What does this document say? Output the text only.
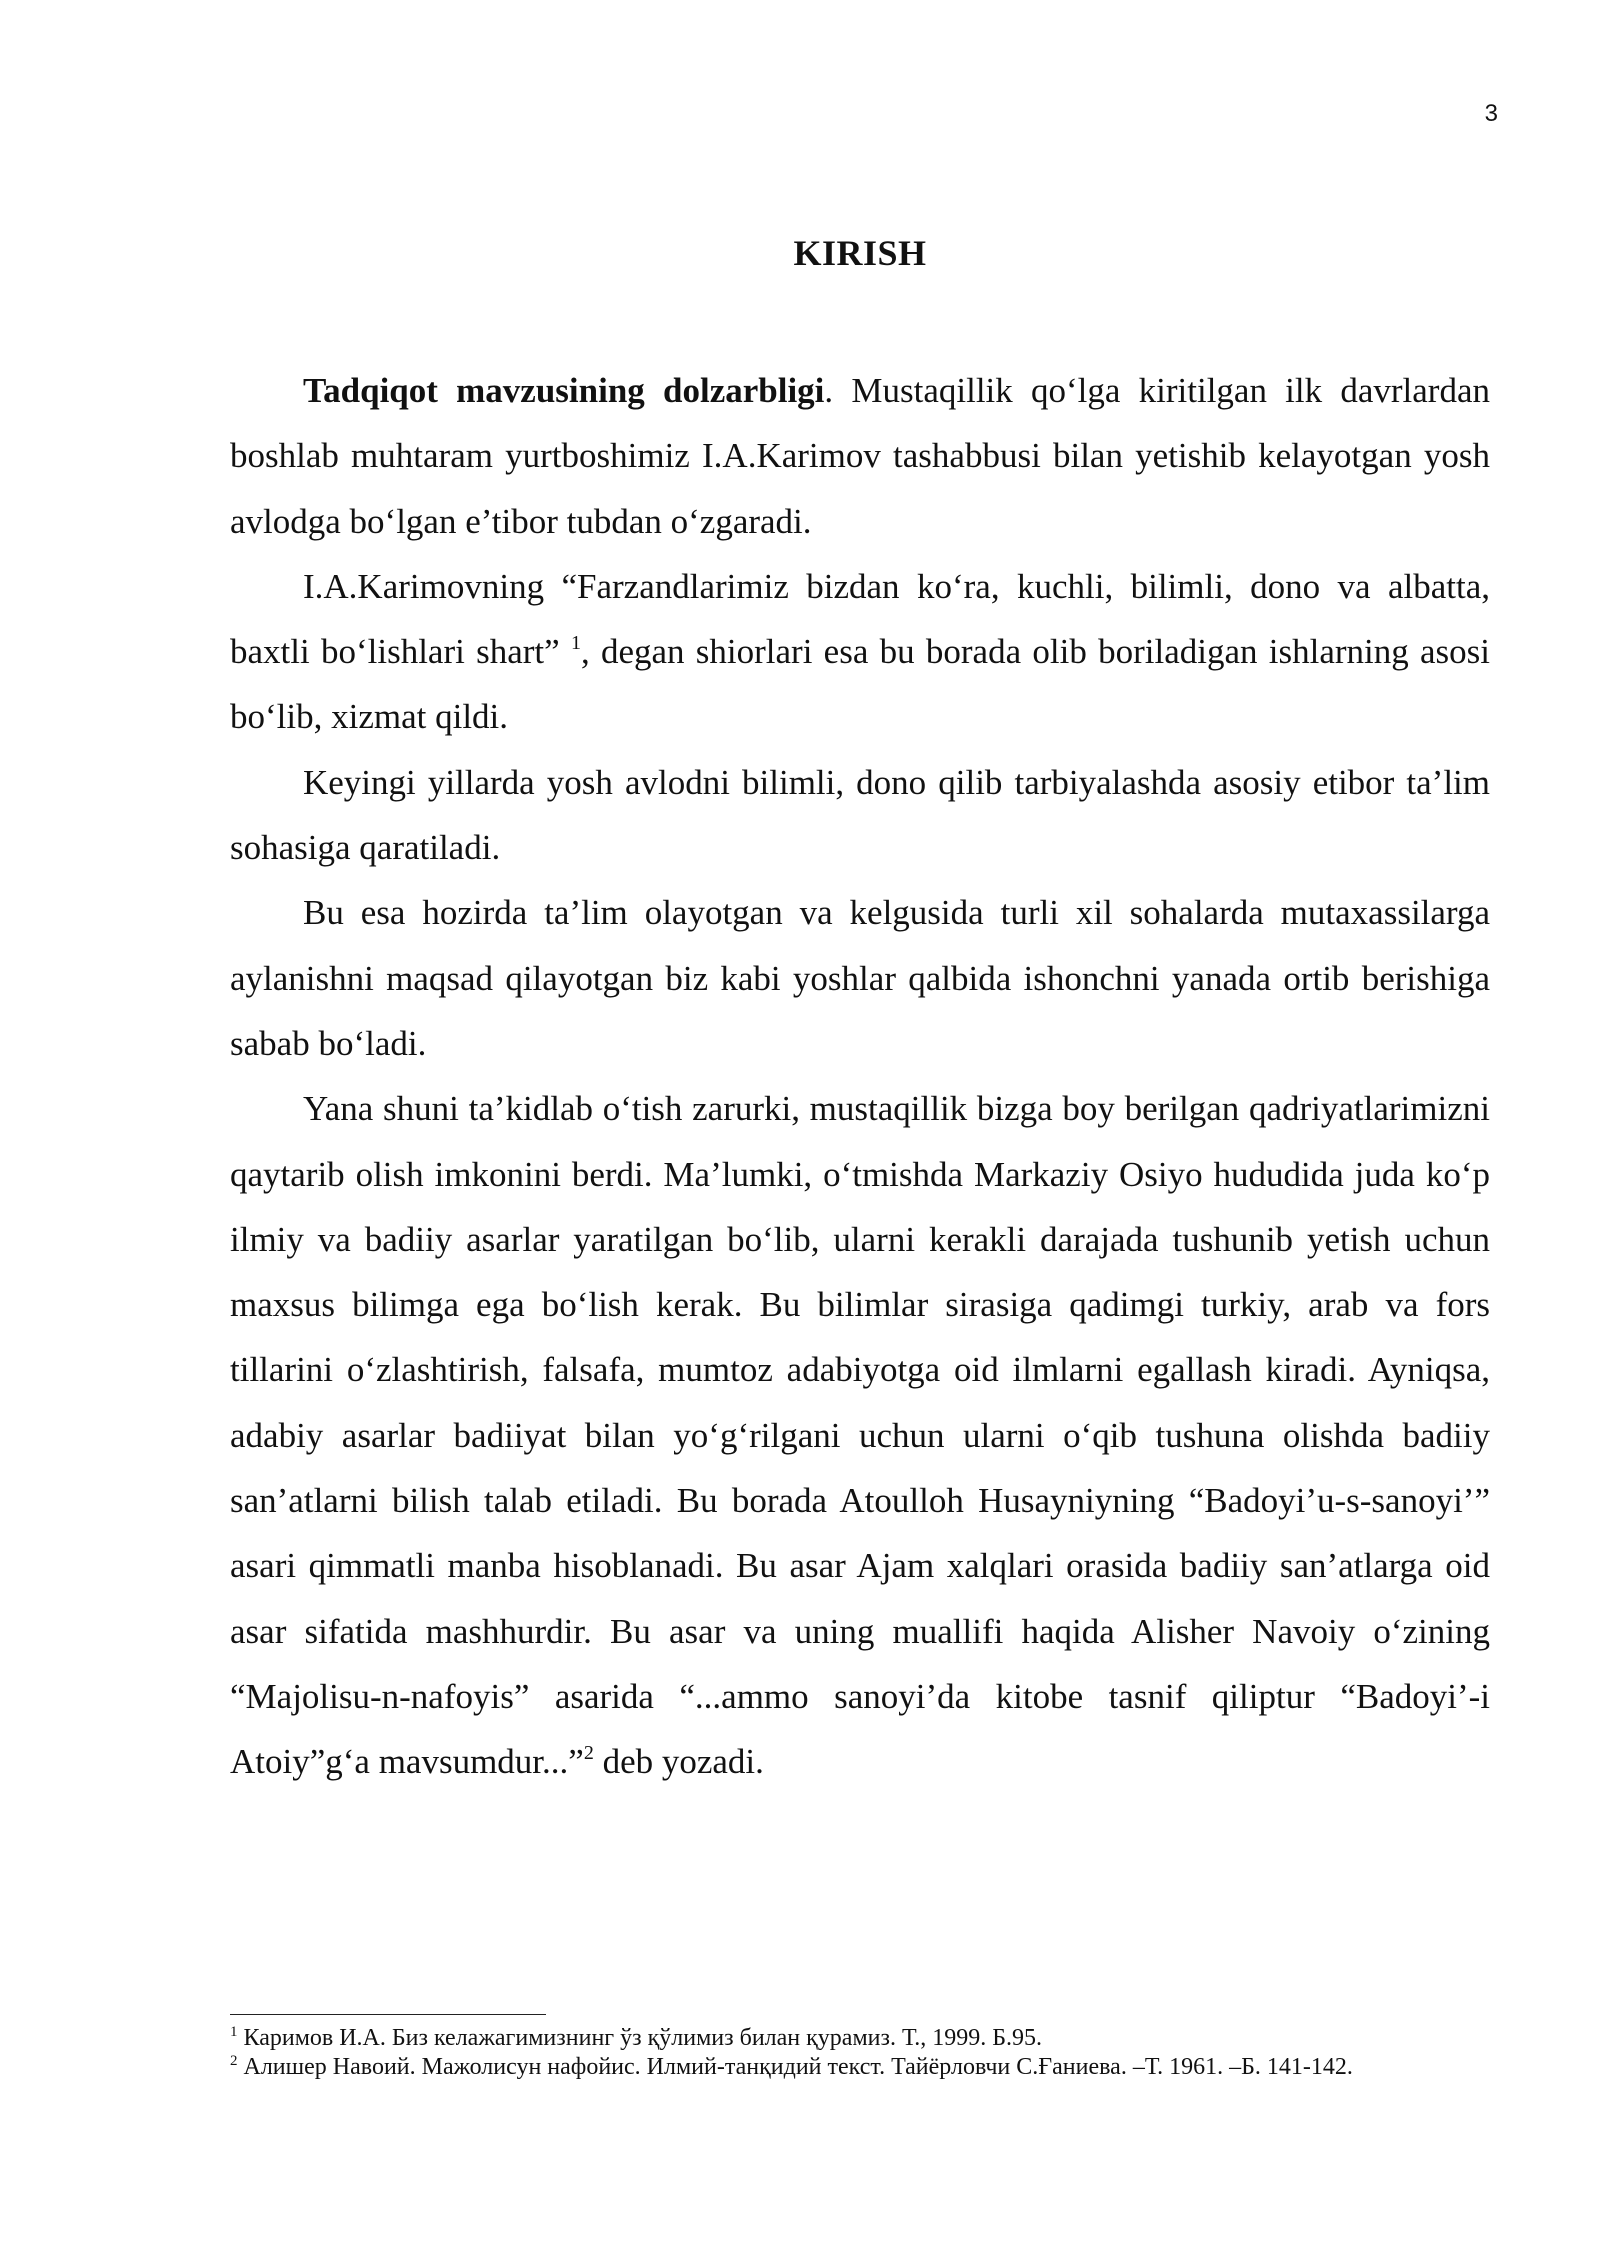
3
KIRISH

Tadqiqot mavzusining dolzarbligi. Mustaqillik qo‘lga kiritilgan ilk davrlardan boshlab muhtaram yurtboshimiz I.A.Karimov tashabbusi bilan yetishib kelayotgan yosh avlodga bo‘lgan e’tibor tubdan o‘zgaradi.

I.A.Karimovning “Farzandlarimiz bizdan ko‘ra, kuchli, bilimli, dono va albatta, baxtli bo‘lishlari shart” $^1$, degan shiorlari esa bu borada olib boriladigan ishlarning asosi bo‘lib, xizmat qildi.

Keyingi yillarda yosh avlodni bilimli, dono qilib tarbiyalashda asosiy etibor ta’lim sohasiga qaratiladi.

Bu esa hozirda ta’lim olayotgan va kelgusida turli xil sohalarda mutaxassilarga aylanishni maqsad qilayotgan biz kabi yoshlar qalbida ishonchni yanada ortib berishiga sabab bo‘ladi.

Yana shuni ta’kidlab o‘tish zarurki, mustaqillik bizga boy berilgan qadriyatlarimizni qaytarib olish imkonini berdi. Ma’lumki, o‘tmishda Markaziy Osiyo hududida juda ko‘p ilmiy va badiiy asarlar yaratilgan bo‘lib, ularni kerakli darajada tushunib yetish uchun maxsus bilimga ega bo‘lish kerak. Bu bilimlar sirasiga qadimgi turkiy, arab va fors tillarini o‘zlashtirish, falsafa, mumtoz adabiyotga oid ilmlarni egallash kiradi. Ayniqsa, adabiy asarlar badiiyat bilan yo‘g‘rilgani uchun ularni o‘qib tushuna olishda badiiy san’atlarni bilish talab etiladi. Bu borada Atoulloh Husayniyning “Badoyi’u-s-sanoyi’” asari qimmatli manba hisoblanadi. Bu asar Ajam xalqlari orasida badiiy san’atlarga oid asar sifatida mashhurdir. Bu asar va uning muallifi haqida Alisher Navoiy o‘zining “Majolisu-n-nafoyis” asarida “...ammo sanoyi’da kitobe tasnif qiliptur “Badoyi’-i Atoiy”g‘a mavsumdur...”$^2$ deb yozadi.

$^1$ Каримов И.А. Биз келажагимизнинг ўз қўлимиз билан қурамиз. Т., 1999. Б.95.

$^2$ Алишер Навоий. Мажолисун нафойис. Илмий-танқидий текст. Тайёрловчи С.Ғаниева. –Т. 1961. –Б. 141-142.
